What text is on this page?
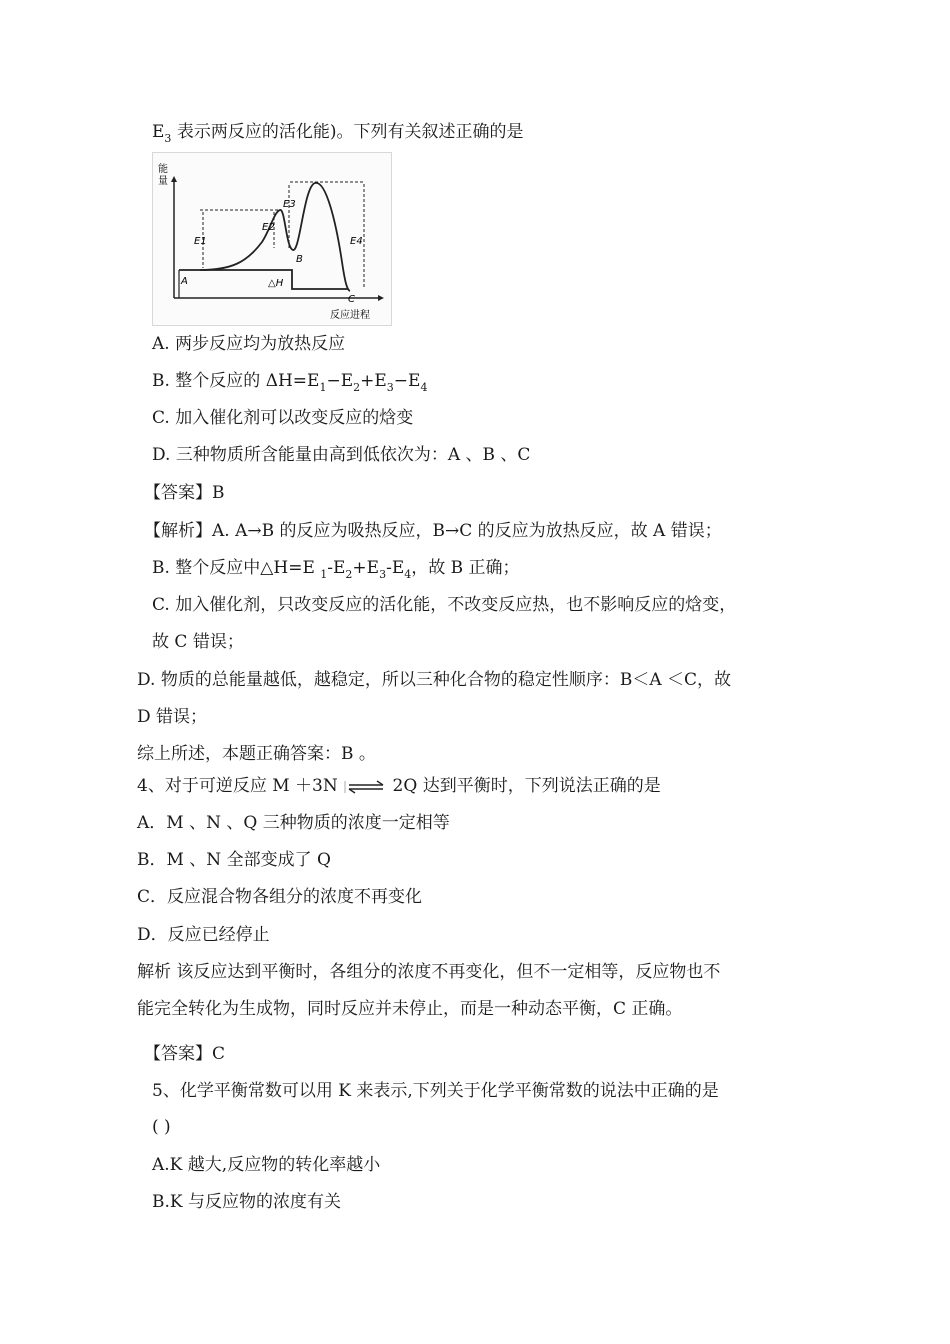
$E_3$ 表示两反应的活化能)。下列有关叙述正确的是
能
量
反应进程
E1
E2
E3
E4
A
B
C
△H
A. 两步反应均为放热反应
B. 整个反应的 $\Delta H=E_1-E_2+E_3-E_4$
C. 加入催化剂可以改变反应的焓变
D. 三种物质所含能量由高到低依次为：A 、B 、C
【答案】B
【解析】A. A→B 的反应为吸热反应，B→C 的反应为放热反应，故 A 错误；
B. 整个反应中△H=E $_1-E_2+E_3-E_4$，故 B 正确；
C. 加入催化剂，只改变反应的活化能，不改变反应热，也不影响反应的焓变，
故 C 错误；
D. 物质的总能量越低，越稳定，所以三种化合物的稳定性顺序：B＜A ＜C，故
D 错误；
综上所述，本题正确答案：B 。
4、对于可逆反应 M ＋3N ⇌ 2Q 达到平衡时，下列说法正确的是
A．M 、N 、Q 三种物质的浓度一定相等
B．M 、N 全部变成了 Q
C．反应混合物各组分的浓度不再变化
D．反应已经停止
解析 该反应达到平衡时，各组分的浓度不再变化，但不一定相等，反应物也不
能完全转化为生成物，同时反应并未停止，而是一种动态平衡，C 正确。
【答案】C
5、化学平衡常数可以用 K 来表示,下列关于化学平衡常数的说法中正确的是
( )
A.K 越大,反应物的转化率越小
B.K 与反应物的浓度有关
